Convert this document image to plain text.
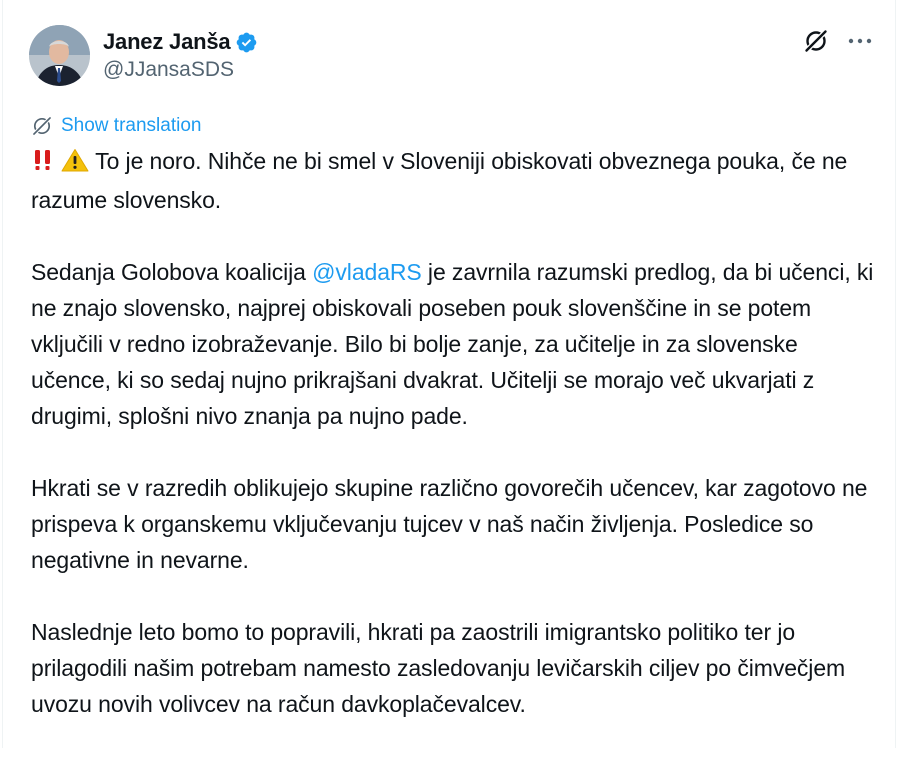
Janez Janša
@JJansaSDS
Show translation

To je noro. Nihče ne bi smel v Sloveniji obiskovati obveznega pouka, če ne razume slovensko.

Sedanja Golobova koalicija @vladaRS je zavrnila razumski predlog, da bi učenci, ki ne znajo slovensko, najprej obiskovali poseben pouk slovenščine in se potem vključili v redno izobraževanje. Bilo bi bolje zanje, za učitelje in za slovenske učence, ki so sedaj nujno prikrajšani dvakrat. Učitelji se morajo več ukvarjati z drugimi, splošni nivo znanja pa nujno pade.

Hkrati se v razredih oblikujejo skupine različno govorečih učencev, kar zagotovo ne prispeva k organskemu vključevanju tujcev v naš način življenja. Posledice so negativne in nevarne.

Naslednje leto bomo to popravili, hkrati pa zaostrili imigrantsko politiko ter jo prilagodili našim potrebam namesto zasledovanju levičarskih ciljev po čimvečjem uvozu novih volivcev na račun davkoplačevalcev.
